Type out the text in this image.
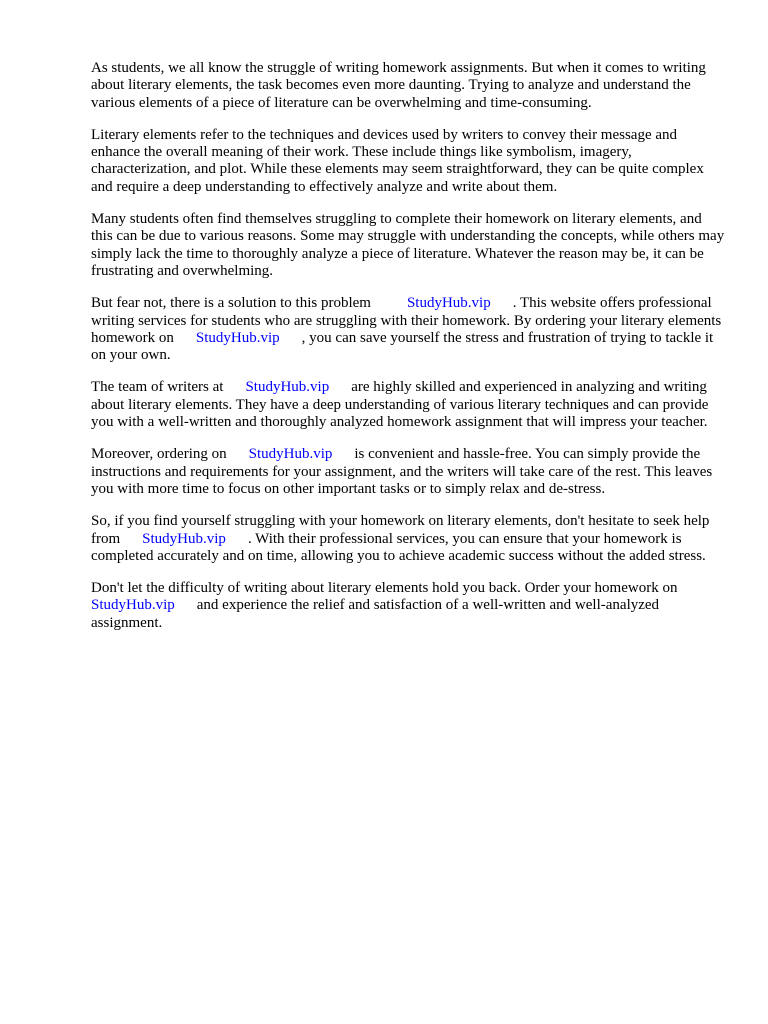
As students, we all know the struggle of writing homework assignments. But when it comes to writing about literary elements, the task becomes even more daunting. Trying to analyze and understand the various elements of a piece of literature can be overwhelming and time-consuming.

Literary elements refer to the techniques and devices used by writers to convey their message and enhance the overall meaning of their work. These include things like symbolism, imagery, characterization, and plot. While these elements may seem straightforward, they can be quite complex and require a deep understanding to effectively analyze and write about them.

Many students often find themselves struggling to complete their homework on literary elements, and this can be due to various reasons. Some may struggle with understanding the concepts, while others may simply lack the time to thoroughly analyze a piece of literature. Whatever the reason may be, it can be frustrating and overwhelming.

But fear not, there is a solution to this problem StudyHub.vip . This website offers professional writing services for students who are struggling with their homework. By ordering your literary elements homework on StudyHub.vip , you can save yourself the stress and frustration of trying to tackle it on your own.

The team of writers at StudyHub.vip are highly skilled and experienced in analyzing and writing about literary elements. They have a deep understanding of various literary techniques and can provide you with a well-written and thoroughly analyzed homework assignment that will impress your teacher.

Moreover, ordering on StudyHub.vip is convenient and hassle-free. You can simply provide the instructions and requirements for your assignment, and the writers will take care of the rest. This leaves you with more time to focus on other important tasks or to simply relax and de-stress.

So, if you find yourself struggling with your homework on literary elements, don't hesitate to seek help from StudyHub.vip . With their professional services, you can ensure that your homework is completed accurately and on time, allowing you to achieve academic success without the added stress.

Don't let the difficulty of writing about literary elements hold you back. Order your homework on StudyHub.vip and experience the relief and satisfaction of a well-written and well-analyzed assignment.
